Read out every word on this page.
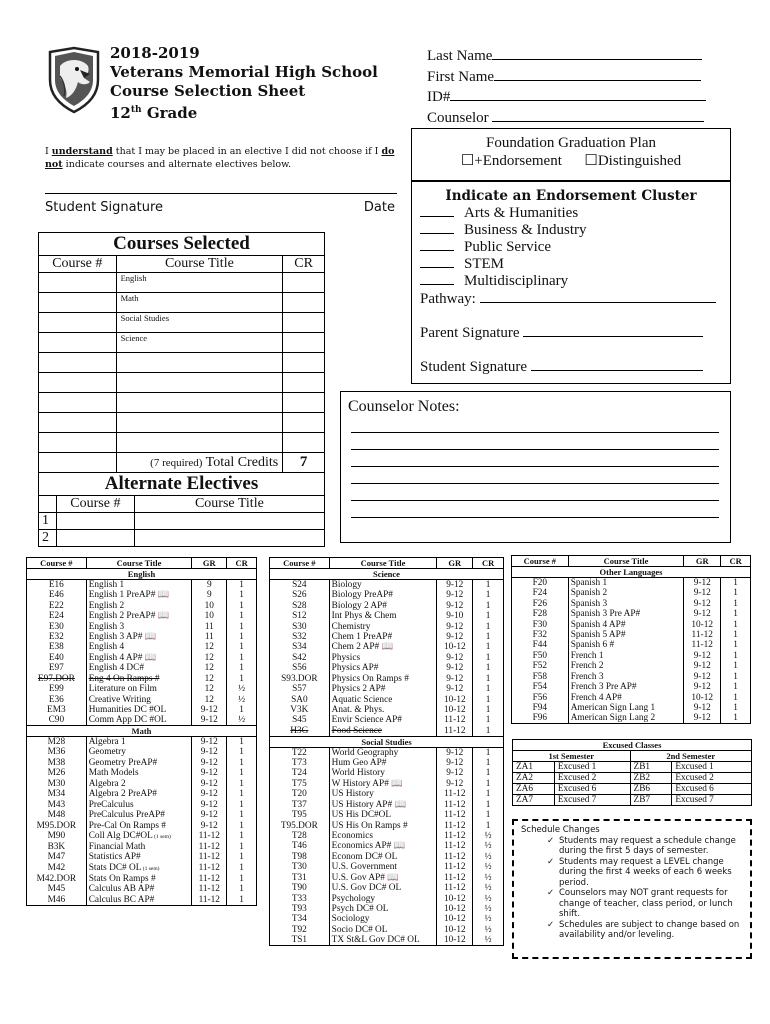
2018-2019
Veterans Memorial High School
Course Selection Sheet
12th Grade
Last Name
First Name
ID#
Counselor
I understand that I may be placed in an elective I did not choose if I do not indicate courses and alternate electives below.
Student Signature	Date
Foundation Graduation Plan
☐+Endorsement ☐Distinguished
Indicate an Endorsement Cluster
Arts & Humanities
Business & Industry
Public Service
STEM
Multidisciplinary
Pathway:
Parent Signature
Student Signature
Counselor Notes:
Courses Selected		
Course #	Course Title	CR
	English	
	Math	
	Social Studies	
	Science	

	(7 required) Total Credits	7
Alternate Electives		
	Course #	Course Title
1		
2		
Course #	Course Title	GR	CR
English			
E16	English 1	9	1
E46	English 1 PreAP# 📖	9	1
E22	English 2	10	1
E24	English 2 PreAP# 📖	10	1
E30	English 3	11	1
E32	English 3 AP# 📖	11	1
E38	English 4	12	1
E40	English 4 AP# 📖	12	1
E97	English 4 DC#	12	1
E97.DOR	Eng 4 On Ramps #	12	1
E99	Literature on Film	12	½
E36	Creative Writing	12	½
EM3	Humanities DC #OL	9-12	1
C90	Comm App DC #OL	9-12	½
Math			
M28	Algebra 1	9-12	1
M36	Geometry	9-12	1
M38	Geometry PreAP#	9-12	1
M26	Math Models	9-12	1
M30	Algebra 2	9-12	1
M34	Algebra 2 PreAP#	9-12	1
M43	PreCalculus	9-12	1
M48	PreCalculus PreAP#	9-12	1
M95.DOR	Pre-Cal On Ramps #	9-12	1
M90	Coll Alg DC#OL (1 sem)	11-12	1
B3K	Financial Math	11-12	1
M47	Statistics AP#	11-12	1
M42	Stats DC# OL (1 sem)	11-12	1
M42.DOR	Stats On Ramps #	11-12	1
M45	Calculus AB AP#	11-12	1
M46	Calculus BC AP#	11-12	1
Course #	Course Title	GR	CR
Science			
S24	Biology	9-12	1
S26	Biology PreAP#	9-12	1
S28	Biology 2 AP#	9-12	1
S12	Int Phys & Chem	9-10	1
S30	Chemistry	9-12	1
S32	Chem 1 PreAP#	9-12	1
S34	Chem 2 AP# 📖	10-12	1
S42	Physics	9-12	1
S56	Physics AP#	9-12	1
S93.DOR	Physics On Ramps #	9-12	1
S57	Physics 2 AP#	9-12	1
SA0	Aquatic Science	10-12	1
V3K	Anat. & Phys.	10-12	1
S45	Envir Science AP#	11-12	1
H3G	Food Science	11-12	1
Social Studies			
T22	World Geography	9-12	1
T73	Hum Geo AP#	9-12	1
T24	World History	9-12	1
T75	W History AP# 📖	9-12	1
T20	US History	11-12	1
T37	US History AP# 📖	11-12	1
T95	US His DC#OL	11-12	1
T95.DOR	US His On Ramps #	11-12	1
T28	Economics	11-12	½
T46	Economics AP# 📖	11-12	½
T98	Econom DC# OL	11-12	½
T30	U.S. Government	11-12	½
T31	U.S. Gov AP# 📖	11-12	½
T90	U.S. Gov DC# OL	11-12	½
T33	Psychology	10-12	½
T93	Psych DC# OL	10-12	½
T34	Sociology	10-12	½
T92	Socio DC# OL	10-12	½
TS1	TX St&L Gov DC# OL	10-12	½
Course #	Course Title	GR	CR
Other Languages			
F20	Spanish 1	9-12	1
F24	Spanish 2	9-12	1
F26	Spanish 3	9-12	1
F28	Spanish 3 Pre AP#	9-12	1
F30	Spanish 4 AP#	10-12	1
F32	Spanish 5 AP#	11-12	1
F44	Spanish 6 #	11-12	1
F50	French 1	9-12	1
F52	French 2	9-12	1
F58	French 3	9-12	1
F54	French 3 Pre AP#	9-12	1
F56	French 4 AP#	10-12	1
F94	American Sign Lang 1	9-12	1
F96	American Sign Lang 2	9-12	1
Excused Classes			
1st Semester		2nd Semester	
ZA1	Excused 1	ZB1	Excused 1
ZA2	Excused 2	ZB2	Excused 2
ZA6	Excused 6	ZB6	Excused 6
ZA7	Excused 7	ZB7	Excused 7
Schedule Changes
✓ Students may request a schedule change during the first 5 days of semester.
✓ Students may request a LEVEL change during the first 4 weeks of each 6 weeks period.
✓ Counselors may NOT grant requests for change of teacher, class period, or lunch shift.
✓ Schedules are subject to change based on availability and/or leveling.
